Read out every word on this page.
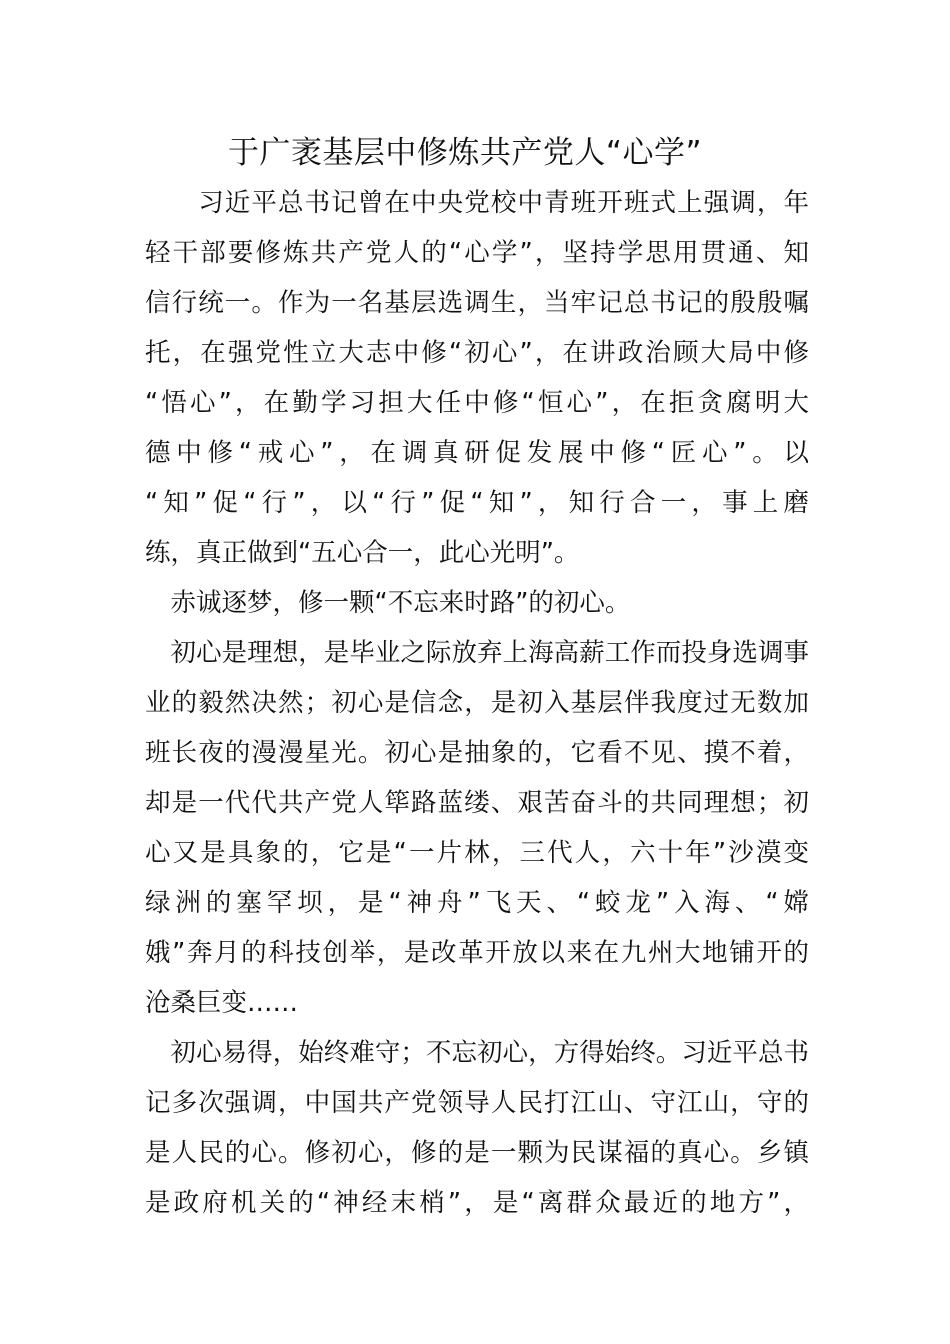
于广袤基层中修炼共产党人“心学”
　　习近平总书记曾在中央党校中青班开班式上强调，年
轻干部要修炼共产党人的“心学”，坚持学思用贯通、知
信行统一。作为一名基层选调生，当牢记总书记的殷殷嘱
托，在强党性立大志中修“初心”，在讲政治顾大局中修
“悟心”，在勤学习担大任中修“恒心”，在拒贪腐明大
德中修“戒心”，在调真研促发展中修“匠心”。以
“知”促“行”，以“行”促“知”，知行合一，事上磨
练，真正做到“五心合一，此心光明”。
　赤诚逐梦，修一颗“不忘来时路”的初心。
　初心是理想，是毕业之际放弃上海高薪工作而投身选调事
业的毅然决然；初心是信念，是初入基层伴我度过无数加
班长夜的漫漫星光。初心是抽象的，它看不见、摸不着，
却是一代代共产党人筚路蓝缕、艰苦奋斗的共同理想；初
心又是具象的，它是“一片林，三代人，六十年”沙漠变
绿洲的塞罕坝，是“神舟”飞天、“蛟龙”入海、“嫦
娥”奔月的科技创举，是改革开放以来在九州大地铺开的
沧桑巨变……
　初心易得，始终难守；不忘初心，方得始终。习近平总书
记多次强调，中国共产党领导人民打江山、守江山，守的
是人民的心。修初心，修的是一颗为民谋福的真心。乡镇
是政府机关的“神经末梢”，是“离群众最近的地方”，
